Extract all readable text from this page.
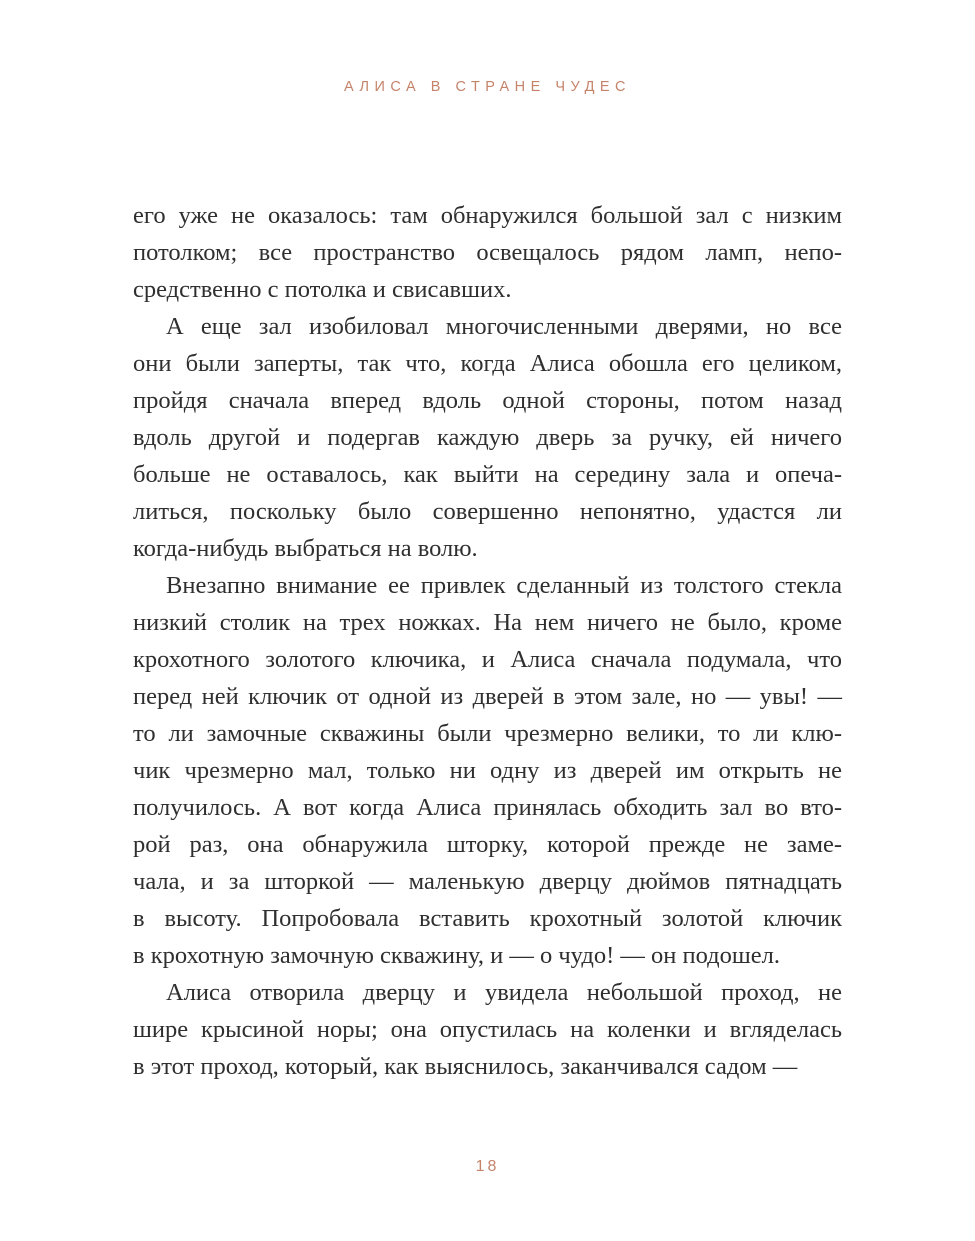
АЛИСА В СТРАНЕ ЧУДЕС
его уже не оказалось: там обнаружился большой зал с низким
потолком; все пространство освещалось рядом ламп, непо-
средственно с потолка и свисавших.
А еще зал изобиловал многочисленными дверями, но все
они были заперты, так что, когда Алиса обошла его целиком,
пройдя сначала вперед вдоль одной стороны, потом назад
вдоль другой и подергав каждую дверь за ручку, ей ничего
больше не оставалось, как выйти на середину зала и опеча-
литься, поскольку было совершенно непонятно, удастся ли
когда-нибудь выбраться на волю.
Внезапно внимание ее привлек сделанный из толстого стекла
низкий столик на трех ножках. На нем ничего не было, кроме
крохотного золотого ключика, и Алиса сначала подумала, что
перед ней ключик от одной из дверей в этом зале, но — увы! —
то ли замочные скважины были чрезмерно велики, то ли клю-
чик чрезмерно мал, только ни одну из дверей им открыть не
получилось. А вот когда Алиса принялась обходить зал во вто-
рой раз, она обнаружила шторку, которой прежде не заме-
чала, и за шторкой — маленькую дверцу дюймов пятнадцать
в высоту. Попробовала вставить крохотный золотой ключик
в крохотную замочную скважину, и — о чудо! — он подошел.
Алиса отворила дверцу и увидела небольшой проход, не
шире крысиной норы; она опустилась на коленки и вгляделась
в этот проход, который, как выяснилось, заканчивался садом —
18
